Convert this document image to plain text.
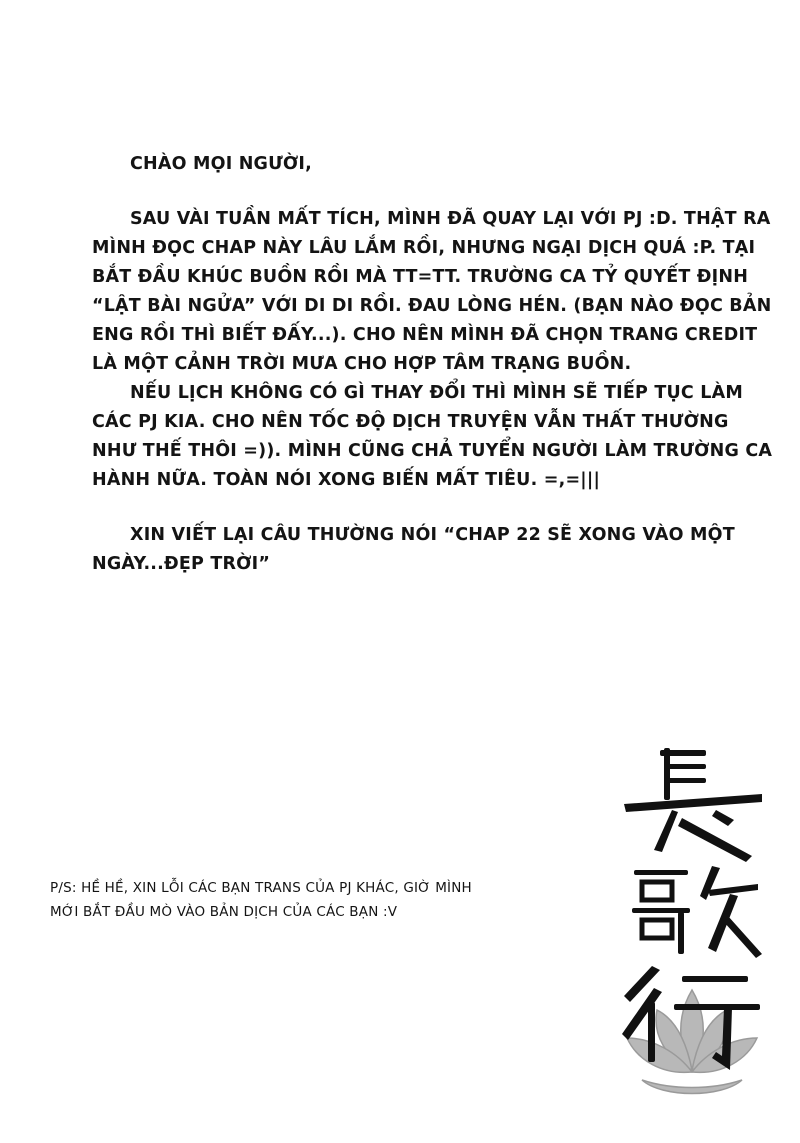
CHÀO MỌI NGƯỜI,
SAU VÀI TUẦN MẤT TÍCH, MÌNH ĐÃ QUAY LẠI VỚI PJ :D. THẬT RA
MÌNH ĐỌC CHAP NÀY LÂU LẮM RỒI, NHƯNG NGẠI DỊCH QUÁ :P. TẠI
BẮT ĐẦU KHÚC BUỒN RỒI MÀ TT=TT. TRƯỜNG CA TỶ QUYẾT ĐỊNH
“LẬT BÀI NGỬA” VỚI DI DI RỒI. ĐAU LÒNG HÉN. (BẠN NÀO ĐỌC BẢN
ENG RỒI THÌ BIẾT ĐẤY...). CHO NÊN MÌNH ĐÃ CHỌN TRANG CREDIT
LÀ MỘT CẢNH TRỜI MƯA CHO HỢP TÂM TRẠNG BUỒN.
NẾU LỊCH KHÔNG CÓ GÌ THAY ĐỔI THÌ MÌNH SẼ TIẾP TỤC LÀM
CÁC PJ KIA. CHO NÊN TỐC ĐỘ DỊCH TRUYỆN VẪN THẤT THƯỜNG
NHƯ THẾ THÔI =)). MÌNH CŨNG CHẢ TUYỂN NGƯỜI LÀM TRƯỜNG CA
HÀNH NỮA. TOÀN NÓI XONG BIẾN MẤT TIÊU. =,=|||
XIN VIẾT LẠI CÂU THƯỜNG NÓI “CHAP 22 SẼ XONG VÀO MỘT
NGÀY...ĐẸP TRỜI”
P/S: HỀ HỀ, XIN LỖI CÁC BẠN TRANS CỦA PJ KHÁC, GIỜ MÌNH
MỚI BẮT ĐẦU MÒ VÀO BẢN DỊCH CỦA CÁC BẠN :V
